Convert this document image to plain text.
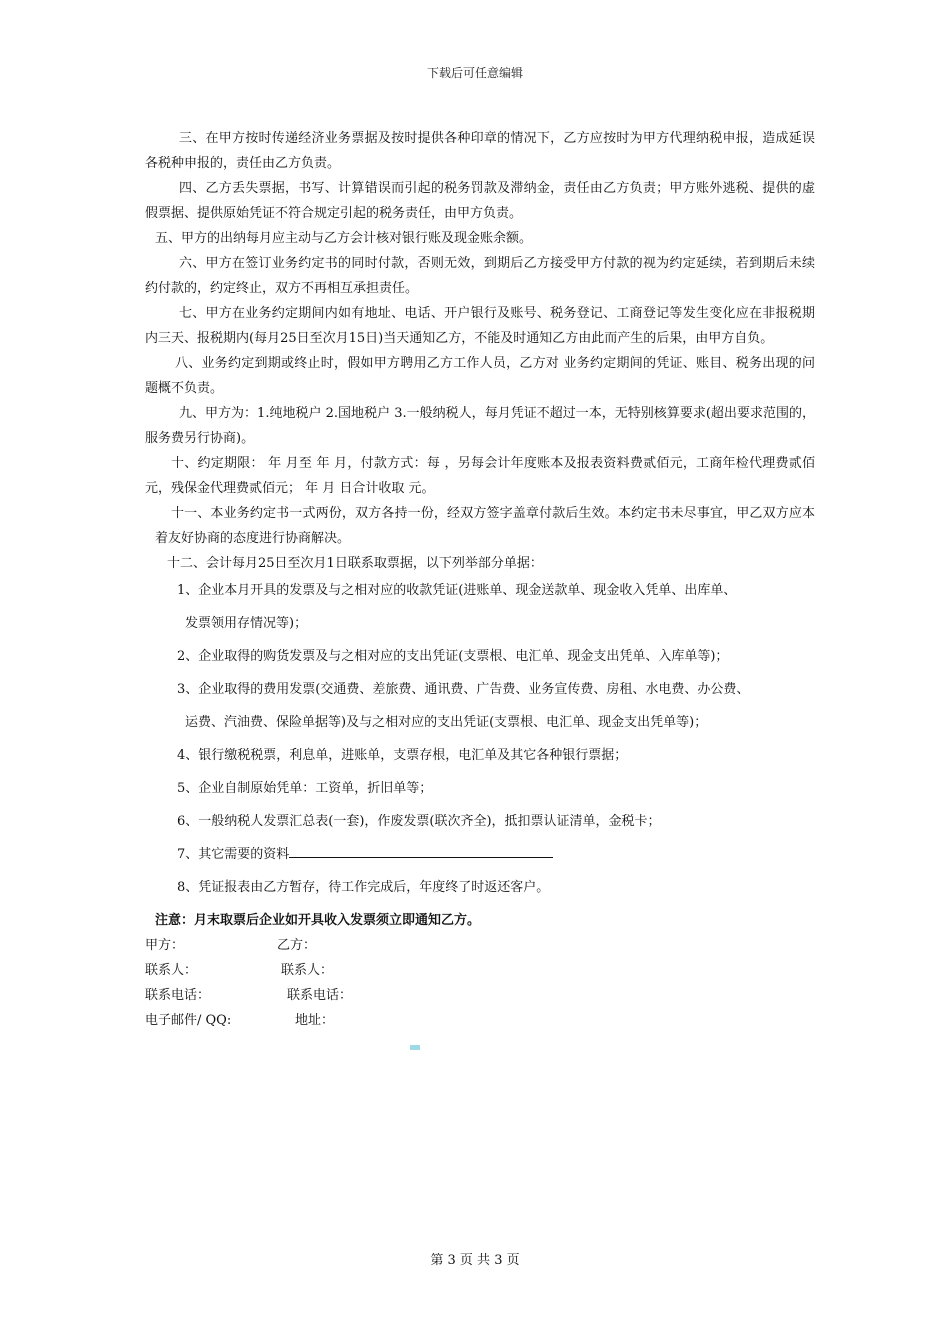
下载后可任意编辑

三、在甲方按时传递经济业务票据及按时提供各种印章的情况下，乙方应按时为甲方代理纳税申报，造成延误各税种申报的，责任由乙方负责。

四、乙方丢失票据，书写、计算错误而引起的税务罚款及滞纳金，责任由乙方负责；甲方账外逃税、提供的虚假票据、提供原始凭证不符合规定引起的税务责任，由甲方负责。

五、甲方的出纳每月应主动与乙方会计核对银行账及现金账余额。

六、甲方在签订业务约定书的同时付款，否则无效，到期后乙方接受甲方付款的视为约定延续，若到期后未续约付款的，约定终止，双方不再相互承担责任。

七、甲方在业务约定期间内如有地址、电话、开户银行及账号、税务登记、工商登记等发生变化应在非报税期内三天、报税期内(每月25日至次月15日)当天通知乙方，不能及时通知乙方由此而产生的后果，由甲方自负。

八、业务约定到期或终止时，假如甲方聘用乙方工作人员，乙方对 业务约定期间的凭证、账目、税务出现的问题概不负责。

九、甲方为：1.纯地税户 2.国地税户 3.一般纳税人，每月凭证不超过一本，无特别核算要求(超出要求范围的，服务费另行协商)。

十、约定期限： 年 月至 年 月，付款方式：每 ，另每会计年度账本及报表资料费贰佰元，工商年检代理费贰佰元，残保金代理费贰佰元； 年 月 日合计收取 元。

十一、本业务约定书一式两份，双方各持一份，经双方签字盖章付款后生效。本约定书未尽事宜，甲乙双方应本着友好协商的态度进行协商解决。

十二、会计每月25日至次月1日联系取票据，以下列举部分单据：

1、企业本月开具的发票及与之相对应的收款凭证(进账单、现金送款单、现金收入凭单、出库单、

发票领用存情况等)；

2、企业取得的购货发票及与之相对应的支出凭证(支票根、电汇单、现金支出凭单、入库单等)；

3、企业取得的费用发票(交通费、差旅费、通讯费、广告费、业务宣传费、房租、水电费、办公费、

运费、汽油费、保险单据等)及与之相对应的支出凭证(支票根、电汇单、现金支出凭单等)；

4、银行缴税税票，利息单，进账单，支票存根，电汇单及其它各种银行票据；

5、企业自制原始凭单：工资单，折旧单等；

6、一般纳税人发票汇总表(一套)，作废发票(联次齐全)，抵扣票认证清单，金税卡；

7、其它需要的资料

8、凭证报表由乙方暂存，待工作完成后，年度终了时返还客户。

注意：月末取票后企业如开具收入发票须立即通知乙方。

甲方：	乙方：
联系人：	联系人：
联系电话：	联系电话：
电子邮件/ QQ:	地址：
第 3 页 共 3 页
